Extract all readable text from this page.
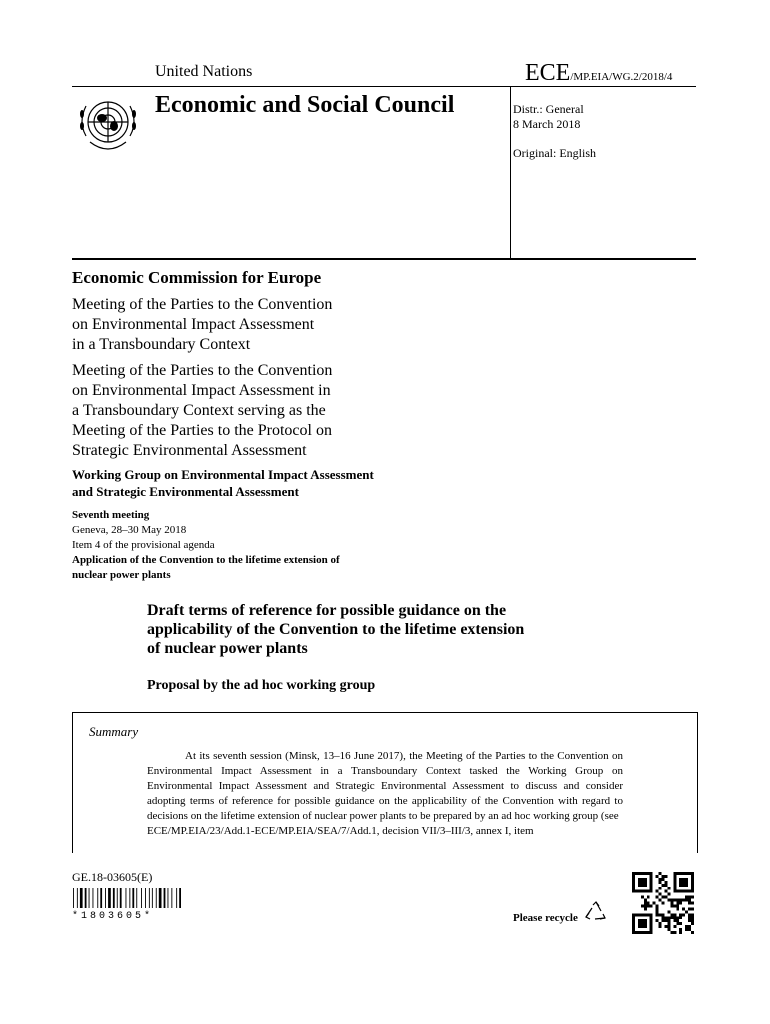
United Nations	ECE/MP.EIA/WG.2/2018/4
Economic and Social Council	Distr.: General
8 March 2018
Original: English
Economic Commission for Europe
Meeting of the Parties to the Convention
on Environmental Impact Assessment
in a Transboundary Context
Meeting of the Parties to the Convention
on Environmental Impact Assessment in
a Transboundary Context serving as the
Meeting of the Parties to the Protocol on
Strategic Environmental Assessment
Working Group on Environmental Impact Assessment
and Strategic Environmental Assessment
Seventh meeting
Geneva, 28–30 May 2018
Item 4 of the provisional agenda
Application of the Convention to the lifetime extension of
nuclear power plants
Draft terms of reference for possible guidance on the
applicability of the Convention to the lifetime extension
of nuclear power plants
Proposal by the ad hoc working group
Summary
At its seventh session (Minsk, 13–16 June 2017), the Meeting of the Parties to the Convention on Environmental Impact Assessment in a Transboundary Context tasked the Working Group on Environmental Impact Assessment and Strategic Environmental Assessment to discuss and consider adopting terms of reference for possible guidance on the applicability of the Convention with regard to decisions on the lifetime extension of nuclear power plants to be prepared by an ad hoc working group (see
ECE/MP.EIA/23/Add.1-ECE/MP.EIA/SEA/7/Add.1, decision VII/3–III/3, annex I, item
GE.18-03605(E)
*1803605*	Please recycle
